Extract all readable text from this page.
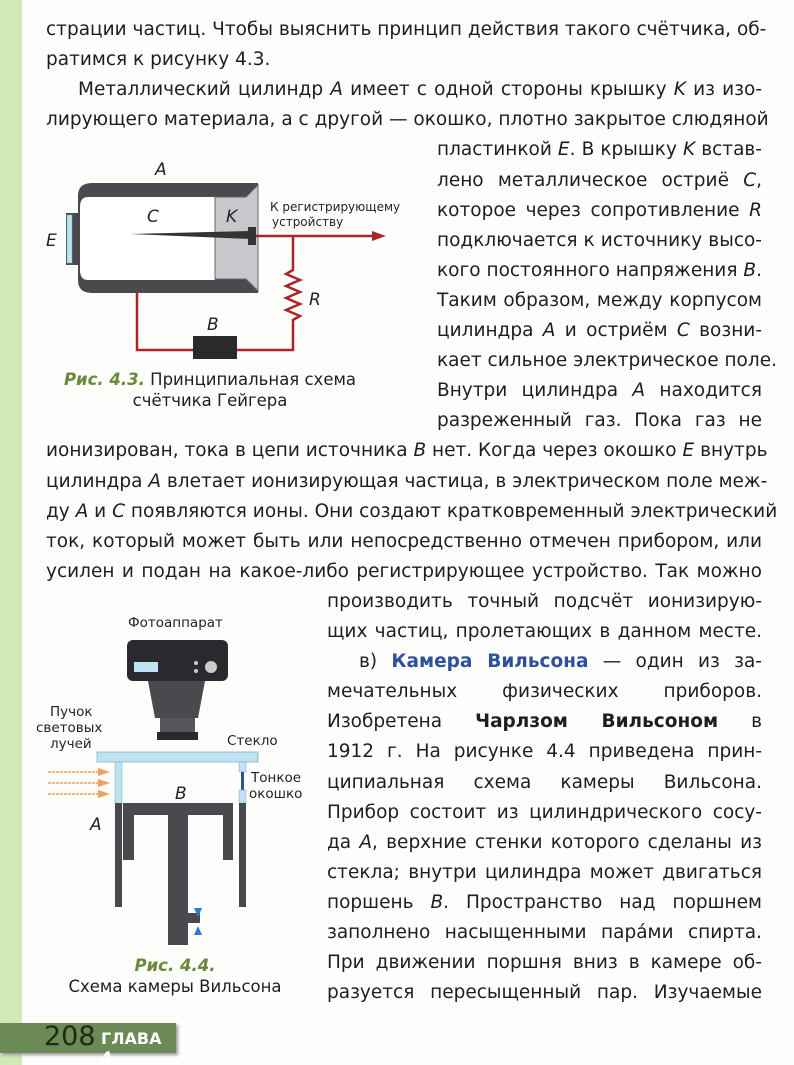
страции частиц. Чтобы выяснить принцип действия такого счётчика, об-
ратимся к рисунку 4.3.
Металлический цилиндр A имеет с одной стороны крышку K из изо-
лирующего материала, а с другой — окошко, плотно закрытое слюдяной
пластинкой E. В крышку K встав-
лено металлическое остриё C,
которое через сопротивление R
подключается к источнику высо-
кого постоянного напряжения B.
Таким образом, между корпусом
цилиндра A и остриём C возни-
кает сильное электрическое поле.
Внутри цилиндра A находится
разреженный газ. Пока газ не
ионизирован, тока в цепи источника B нет. Когда через окошко E внутрь
цилиндра A влетает ионизирующая частица, в электрическом поле меж-
ду A и C появляются ионы. Они создают кратковременный электрический
ток, который может быть или непосредственно отмечен прибором, или
усилен и подан на какое-либо регистрирующее устройство. Так можно
производить точный подсчёт ионизирую-
щих частиц, пролетающих в данном месте.
в) Камера Вильсона — один из за-
мечательных физических приборов.
Изобретена Чарлзом Вильсоном в
1912 г. На рисунке 4.4 приведена прин-
ципиальная схема камеры Вильсона.
Прибор состоит из цилиндрического сосу-
да A, верхние стенки которого сделаны из
стекла; внутри цилиндра может двигаться
поршень B. Пространство над поршнем
заполнено насыщенными парáми спирта.
При движении поршня вниз в камере об-
разуется пересыщенный пар. Изучаемые
A
C	K
E
R
B
К регистрирующему
устройству
Фотоаппарат
Пучок
световых
лучей	Стекло
Тонкое
окошко
B
A
Рис. 4.3. Принципиальная схема
счётчика Гейгера
Рис. 4.4.
Схема камеры Вильсона
208 ГЛАВА 4
